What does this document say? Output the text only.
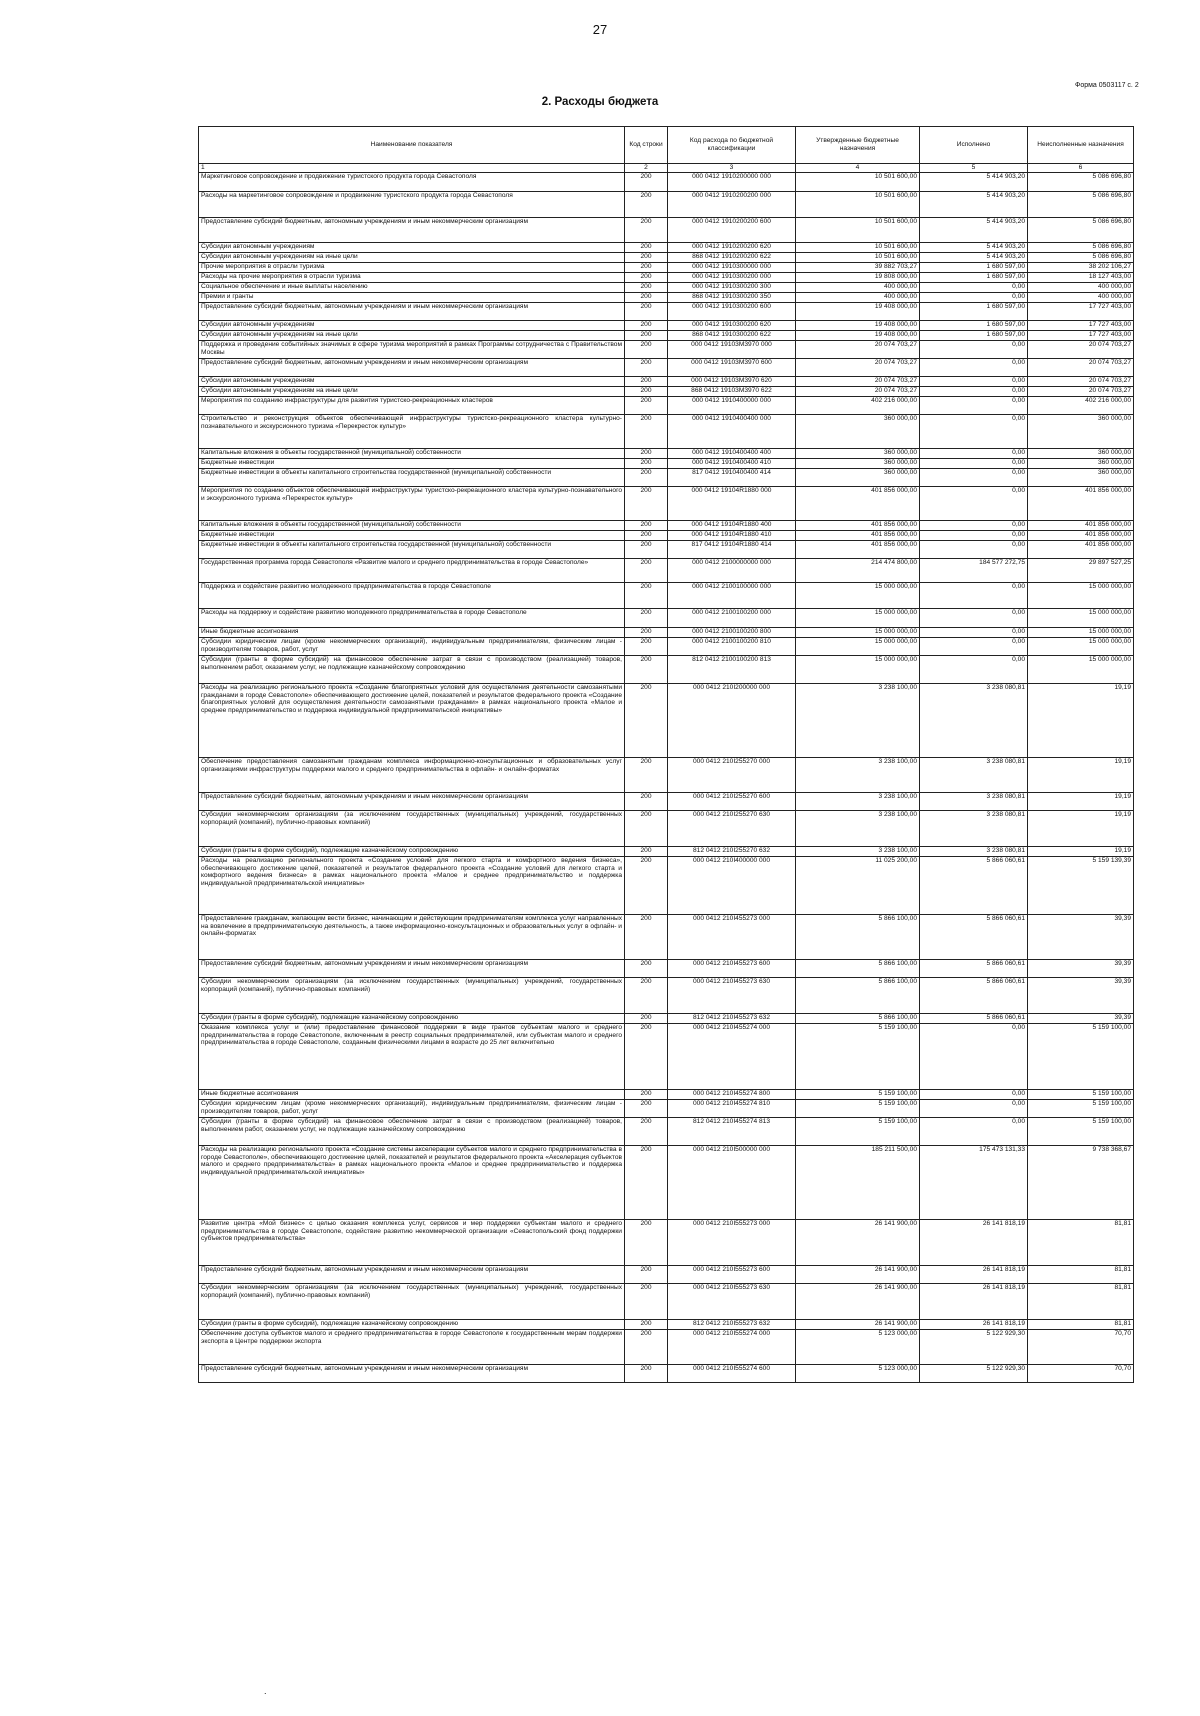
27
Форма 0503117 с. 2
2. Расходы бюджета
Наименование показателя	Код строки	Код расхода по бюджетной классификации	Утвержденные бюджетные назначения	Исполнено	Неисполненные назначения
1	2	3	4	5	6
Маркетинговое сопровождение и продвижение туристского продукта города Севастополя	200	000 0412 1910200000 000	10 501 600,00	5 414 903,20	5 086 696,80
Расходы на маркетинговое сопровождение и продвижение туристского продукта города Севастополя	200	000 0412 1910200200 000	10 501 600,00	5 414 903,20	5 086 696,80
Предоставление субсидий бюджетным, автономным учреждениям и иным некоммерческим организациям	200	000 0412 1910200200 600	10 501 600,00	5 414 903,20	5 086 696,80
Субсидии автономным учреждениям	200	000 0412 1910200200 620	10 501 600,00	5 414 903,20	5 086 696,80
Субсидии автономным учреждениям на иные цели	200	868 0412 1910200200 622	10 501 600,00	5 414 903,20	5 086 696,80
Прочие мероприятия в отрасли туризма	200	000 0412 1910300000 000	39 882 703,27	1 680 597,00	38 202 106,27
Расходы на прочие мероприятия в отрасли туризма	200	000 0412 1910300200 000	19 808 000,00	1 680 597,00	18 127 403,00
Социальное обеспечение и иные выплаты населению	200	000 0412 1910300200 300	400 000,00	0,00	400 000,00
Премии и гранты	200	868 0412 1910300200 350	400 000,00	0,00	400 000,00
Предоставление субсидий бюджетным, автономным учреждениям и иным некоммерческим организациям	200	000 0412 1910300200 600	19 408 000,00	1 680 597,00	17 727 403,00
Субсидии автономным учреждениям	200	000 0412 1910300200 620	19 408 000,00	1 680 597,00	17 727 403,00
Субсидии автономным учреждениям на иные цели	200	868 0412 1910300200 622	19 408 000,00	1 680 597,00	17 727 403,00
Поддержка и проведение событийных значимых в сфере туризма мероприятий в рамках Программы сотрудничества с Правительством Москвы	200	000 0412 19103М3970 000	20 074 703,27	0,00	20 074 703,27
Предоставление субсидий бюджетным, автономным учреждениям и иным некоммерческим организациям	200	000 0412 19103М3970 600	20 074 703,27	0,00	20 074 703,27
Субсидии автономным учреждениям	200	000 0412 19103М3970 620	20 074 703,27	0,00	20 074 703,27
Субсидии автономным учреждениям на иные цели	200	868 0412 19103М3970 622	20 074 703,27	0,00	20 074 703,27
Мероприятия по созданию инфраструктуры для развития туристско-рекреационных кластеров	200	000 0412 1910400000 000	402 216 000,00	0,00	402 216 000,00
Строительство и реконструкция объектов обеспечивающей инфраструктуры туристско-рекреационного кластера культурно-познавательного и экскурсионного туризма «Перекресток культур»	200	000 0412 1910400400 000	360 000,00	0,00	360 000,00
Капитальные вложения в объекты государственной (муниципальной) собственности	200	000 0412 1910400400 400	360 000,00	0,00	360 000,00
Бюджетные инвестиции	200	000 0412 1910400400 410	360 000,00	0,00	360 000,00
Бюджетные инвестиции в объекты капитального строительства государственной (муниципальной) собственности	200	817 0412 1910400400 414	360 000,00	0,00	360 000,00
Мероприятия по созданию объектов обеспечивающей инфраструктуры туристско-рекреационного кластера культурно-познавательного и экскурсионного туризма «Перекресток культур»	200	000 0412 19104R1880 000	401 856 000,00	0,00	401 856 000,00
Капитальные вложения в объекты государственной (муниципальной) собственности	200	000 0412 19104R1880 400	401 856 000,00	0,00	401 856 000,00
Бюджетные инвестиции	200	000 0412 19104R1880 410	401 856 000,00	0,00	401 856 000,00
Бюджетные инвестиции в объекты капитального строительства государственной (муниципальной) собственности	200	817 0412 19104R1880 414	401 856 000,00	0,00	401 856 000,00
Государственная программа города Севастополя «Развитие малого и среднего предпринимательства в городе Севастополе»	200	000 0412 2100000000 000	214 474 800,00	184 577 272,75	29 897 527,25
Поддержка и содействие развитию молодежного предпринимательства в городе Севастополе	200	000 0412 2100100000 000	15 000 000,00	0,00	15 000 000,00
Расходы на поддержку и содействие развитию молодежного предпринимательства в городе Севастополе	200	000 0412 2100100200 000	15 000 000,00	0,00	15 000 000,00
Иные бюджетные ассигнования	200	000 0412 2100100200 800	15 000 000,00	0,00	15 000 000,00
Субсидии юридическим лицам (кроме некоммерческих организаций), индивидуальным предпринимателям, физическим лицам - производителям товаров, работ, услуг	200	000 0412 2100100200 810	15 000 000,00	0,00	15 000 000,00
Субсидии (гранты в форме субсидий) на финансовое обеспечение затрат в связи с производством (реализацией) товаров, выполнением работ, оказанием услуг, не подлежащие казначейскому сопровождению	200	812 0412 2100100200 813	15 000 000,00	0,00	15 000 000,00
Расходы на реализацию регионального проекта «Создание благоприятных условий для осуществления деятельности самозанятыми гражданами в городе Севастополе» обеспечивающего достижение целей, показателей и результатов федерального проекта «Создание благоприятных условий для осуществления деятельности самозанятыми гражданами» в рамках национального проекта «Малое и среднее предпринимательство и поддержка индивидуальной предпринимательской инициативы»	200	000 0412 210I200000 000	3 238 100,00	3 238 080,81	19,19
Обеспечение предоставления самозанятым гражданам комплекса информационно-консультационных и образовательных услуг организациями инфраструктуры поддержки малого и среднего предпринимательства в офлайн- и онлайн-форматах	200	000 0412 210I255270 000	3 238 100,00	3 238 080,81	19,19
Предоставление субсидий бюджетным, автономным учреждениям и иным некоммерческим организациям	200	000 0412 210I255270 600	3 238 100,00	3 238 080,81	19,19
Субсидии некоммерческим организациям (за исключением государственных (муниципальных) учреждений, государственных корпораций (компаний), публично-правовых компаний)	200	000 0412 210I255270 630	3 238 100,00	3 238 080,81	19,19
Субсидии (гранты в форме субсидий), подлежащие казначейскому сопровождению	200	812 0412 210I255270 632	3 238 100,00	3 238 080,81	19,19
Расходы на реализацию регионального проекта «Создание условий для легкого старта и комфортного ведения бизнеса», обеспечивающего достижение целей, показателей и результатов федерального проекта «Создание условий для легкого старта и комфортного ведения бизнеса» в рамках национального проекта «Малое и среднее предпринимательство и поддержка индивидуальной предпринимательской инициативы»	200	000 0412 210I400000 000	11 025 200,00	5 866 060,61	5 159 139,39
Предоставление гражданам, желающим вести бизнес, начинающим и действующим предпринимателям комплекса услуг направленных на вовлечение в предпринимательскую деятельность, а также информационно-консультационных и образовательных услуг в офлайн- и онлайн-форматах	200	000 0412 210I455273 000	5 866 100,00	5 866 060,61	39,39
Предоставление субсидий бюджетным, автономным учреждениям и иным некоммерческим организациям	200	000 0412 210I455273 600	5 866 100,00	5 866 060,61	39,39
Субсидии некоммерческим организациям (за исключением государственных (муниципальных) учреждений, государственных корпораций (компаний), публично-правовых компаний)	200	000 0412 210I455273 630	5 866 100,00	5 866 060,61	39,39
Субсидии (гранты в форме субсидий), подлежащие казначейскому сопровождению	200	812 0412 210I455273 632	5 866 100,00	5 866 060,61	39,39
Оказание комплекса услуг и (или) предоставление финансовой поддержки в виде грантов субъектам малого и среднего предпринимательства в городе Севастополе, включенным в реестр социальных предпринимателей, или субъектам малого и среднего предпринимательства в городе Севастополе, созданным физическими лицами в возрасте до 25 лет включительно	200	000 0412 210I455274 000	5 159 100,00	0,00	5 159 100,00
Иные бюджетные ассигнования	200	000 0412 210I455274 800	5 159 100,00	0,00	5 159 100,00
Субсидии юридическим лицам (кроме некоммерческих организаций), индивидуальным предпринимателям, физическим лицам - производителям товаров, работ, услуг	200	000 0412 210I455274 810	5 159 100,00	0,00	5 159 100,00
Субсидии (гранты в форме субсидий) на финансовое обеспечение затрат в связи с производством (реализацией) товаров, выполнением работ, оказанием услуг, не подлежащие казначейскому сопровождению	200	812 0412 210I455274 813	5 159 100,00	0,00	5 159 100,00
Расходы на реализацию регионального проекта «Создание системы акселерации субъектов малого и среднего предпринимательства в городе Севастополе», обеспечивающего достижение целей, показателей и результатов федерального проекта «Акселерация субъектов малого и среднего предпринимательства» в рамках национального проекта «Малое и среднее предпринимательство и поддержка индивидуальной предпринимательской инициативы»	200	000 0412 210I500000 000	185 211 500,00	175 473 131,33	9 738 368,67
Развитие центра «Мой бизнес» с целью оказания комплекса услуг, сервисов и мер поддержки субъектам малого и среднего предпринимательства в городе Севастополе, содействие развитию некоммерческой организации «Севастопольский фонд поддержки субъектов предпринимательства»	200	000 0412 210I555273 000	26 141 900,00	26 141 818,19	81,81
Предоставление субсидий бюджетным, автономным учреждениям и иным некоммерческим организациям	200	000 0412 210I555273 600	26 141 900,00	26 141 818,19	81,81
Субсидии некоммерческим организациям (за исключением государственных (муниципальных) учреждений, государственных корпораций (компаний), публично-правовых компаний)	200	000 0412 210I555273 630	26 141 900,00	26 141 818,19	81,81
Субсидии (гранты в форме субсидий), подлежащие казначейскому сопровождению	200	812 0412 210I555273 632	26 141 900,00	26 141 818,19	81,81
Обеспечение доступа субъектов малого и среднего предпринимательства в городе Севастополе к государственным мерам поддержки экспорта в Центре поддержки экспорта	200	000 0412 210I555274 000	5 123 000,00	5 122 929,30	70,70
Предоставление субсидий бюджетным, автономным учреждениям и иным некоммерческим организациям	200	000 0412 210I555274 600	5 123 000,00	5 122 929,30	70,70
.
